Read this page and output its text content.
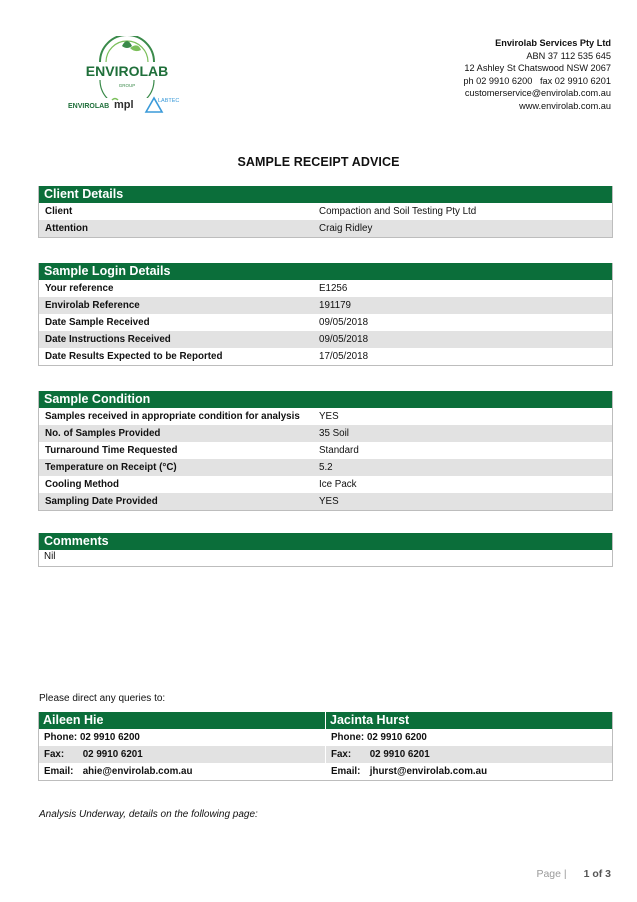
ENVIROLAB
GROUP
ENVIROLAB mpl	LABTEC
Envirolab Services Pty Ltd
ABN 37 112 535 645
12 Ashley St Chatswood NSW 2067
ph 02 9910 6200   fax 02 9910 6201
customerservice@envirolab.com.au
www.envirolab.com.au
SAMPLE RECEIPT ADVICE
Client Details
Client	Compaction and Soil Testing Pty Ltd
Attention	Craig Ridley
Sample Login Details
Your reference	E1256
Envirolab Reference	191179
Date Sample Received	09/05/2018
Date Instructions Received	09/05/2018
Date Results Expected to be Reported	17/05/2018
Sample Condition
Samples received in appropriate condition for analysis	YES
No. of Samples Provided	35 Soil
Turnaround Time Requested	Standard
Temperature on Receipt (°C)	5.2
Cooling Method	Ice Pack
Sampling Date Provided	YES
Comments
Nil
Please direct any queries to:
Aileen Hie
Phone: 02 9910 6200
Fax: 02 9910 6201
Email: ahie@envirolab.com.au
Jacinta Hurst
Phone: 02 9910 6200
Fax: 02 9910 6201
Email: jhurst@envirolab.com.au
Analysis Underway, details on the following page:
Page | 1 of 3
